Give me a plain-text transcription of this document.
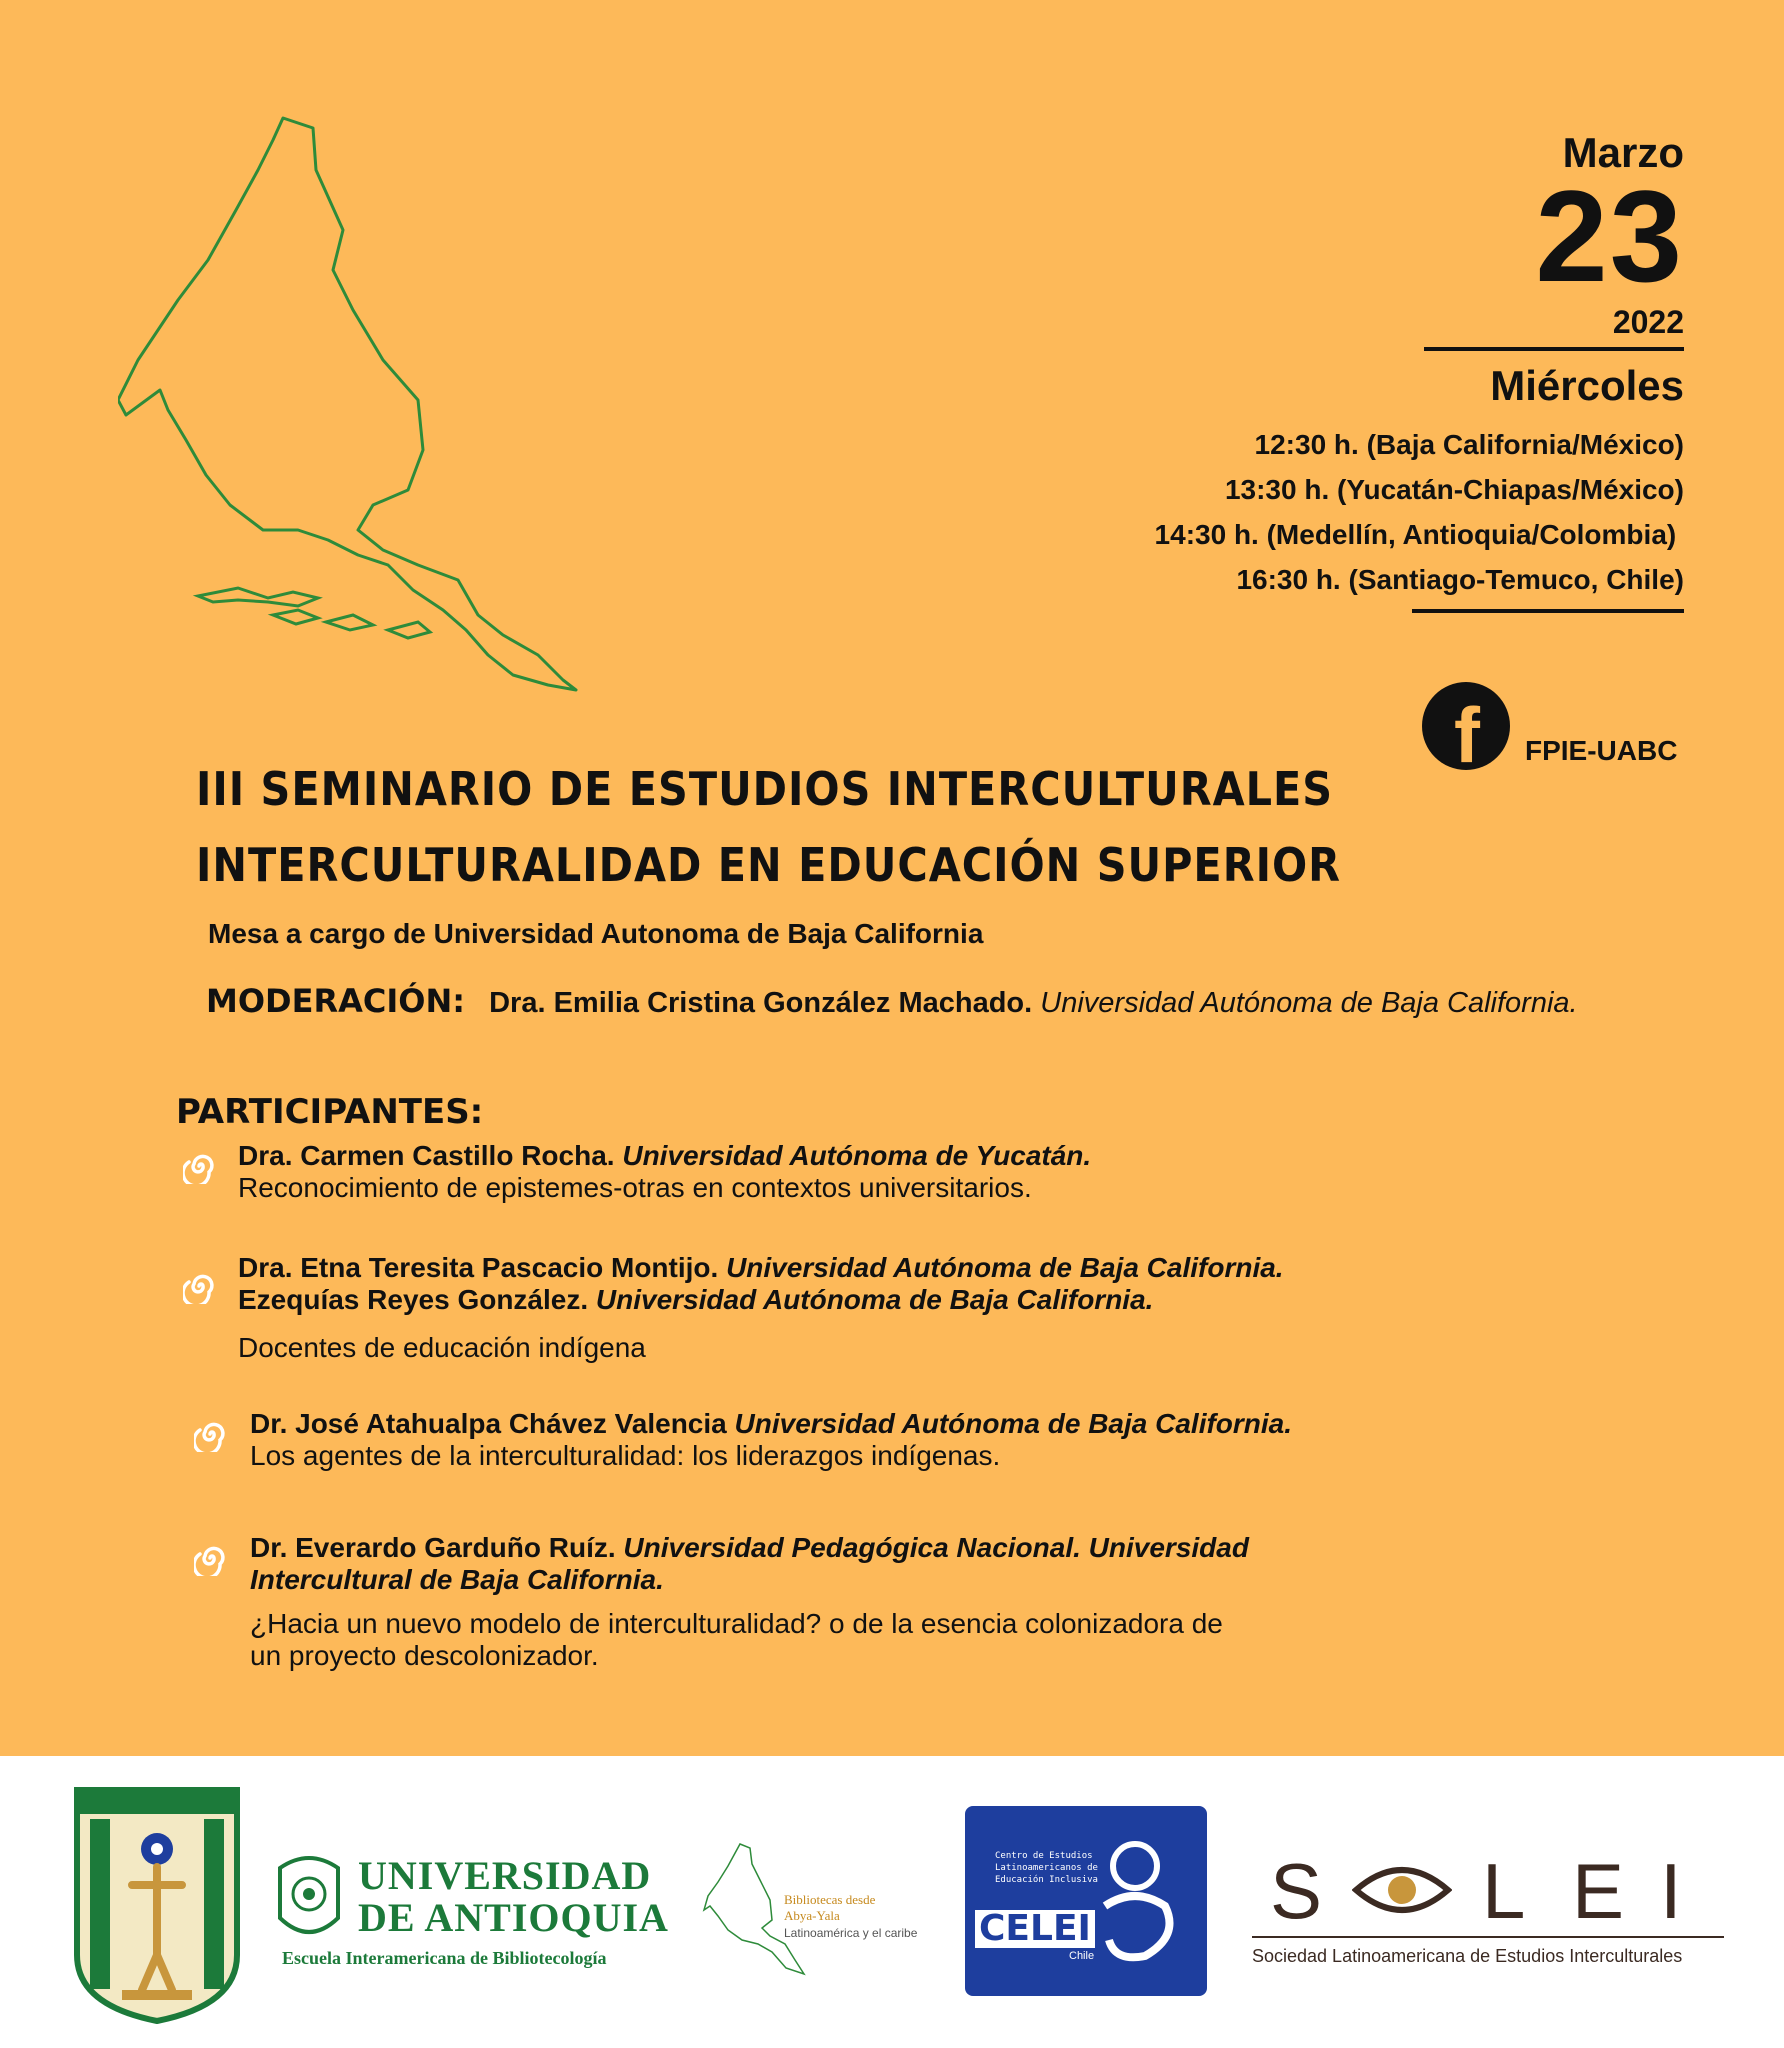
Marzo
23
2022
Miércoles
12:30 h. (Baja California/México)
13:30 h. (Yucatán-Chiapas/México)
14:30 h. (Medellín, Antioquia/Colombia)
16:30 h. (Santiago-Temuco, Chile)
f FPIE-UABC
III SEMINARIO DE ESTUDIOS INTERCULTURALES
INTERCULTURALIDAD EN EDUCACIÓN SUPERIOR
Mesa a cargo de Universidad Autonoma de Baja California
MODERACIÓN: Dra. Emilia Cristina González Machado. Universidad Autónoma de Baja California.
PARTICIPANTES:
Dra. Carmen Castillo Rocha. Universidad Autónoma de Yucatán.
Reconocimiento de epistemes-otras en contextos universitarios.
Dra. Etna Teresita Pascacio Montijo. Universidad Autónoma de Baja California.
Ezequías Reyes González. Universidad Autónoma de Baja California.
Docentes de educación indígena
Dr. José Atahualpa Chávez Valencia Universidad Autónoma de Baja California.
Los agentes de la interculturalidad: los liderazgos indígenas.
Dr. Everardo Garduño Ruíz. Universidad Pedagógica Nacional. Universidad
Intercultural de Baja California.
¿Hacia un nuevo modelo de interculturalidad? o de la esencia colonizadora de
un proyecto descolonizador.
UNIVERSIDAD
DE ANTIOQUIA
Escuela Interamericana de Bibliotecología
Bibliotecas desde
Abya-Yala
Latinoamérica y el caribe
Centro de Estudios Latinoamericanos de Educación Inclusiva
CELEI
Chile
S L E I
Sociedad Latinoamericana de Estudios Interculturales
